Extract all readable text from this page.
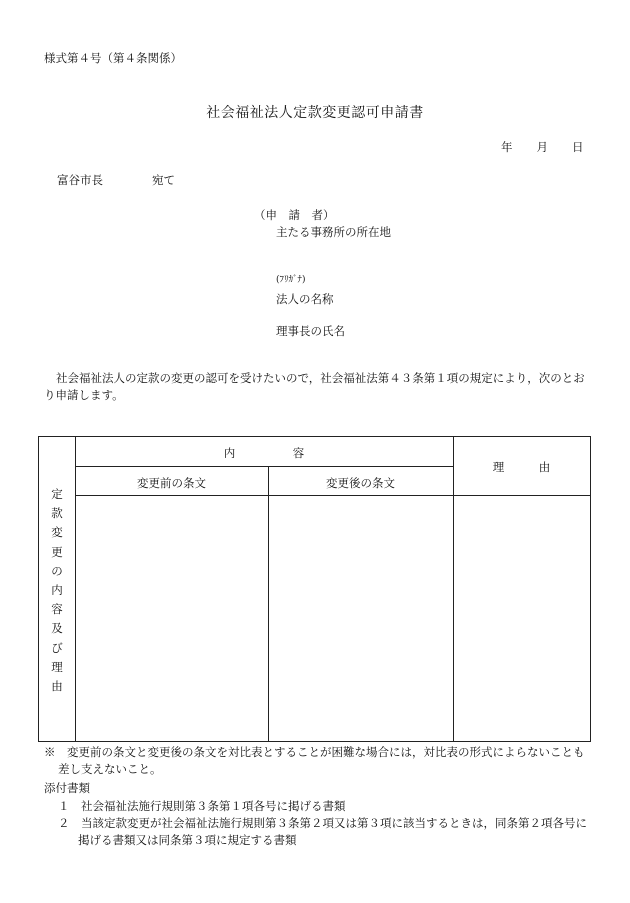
様式第４号（第４条関係）
社会福祉法人定款変更認可申請書
年 月 日
富谷市長	宛て
（申　請　者）
主たる事務所の所在地
(ﾌﾘｶﾞﾅ)
法人の名称
理事長の氏名
社会福祉法人の定款の変更の認可を受けたいので，社会福祉法第４３条第１項の規定により，次のとおり申請します。
定
款
変
更
の
内
容
及
び
理
由
内　　　　　容
変更前の条文	変更後の条文
理　　　由
※　変更前の条文と変更後の条文を対比表とすることが困難な場合には，対比表の形式によらないことも差し支えないこと。
添付書類
１　社会福祉法施行規則第３条第１項各号に掲げる書類
２　当該定款変更が社会福祉法施行規則第３条第２項又は第３項に該当するときは，同条第２項各号に掲げる書類又は同条第３項に規定する書類
